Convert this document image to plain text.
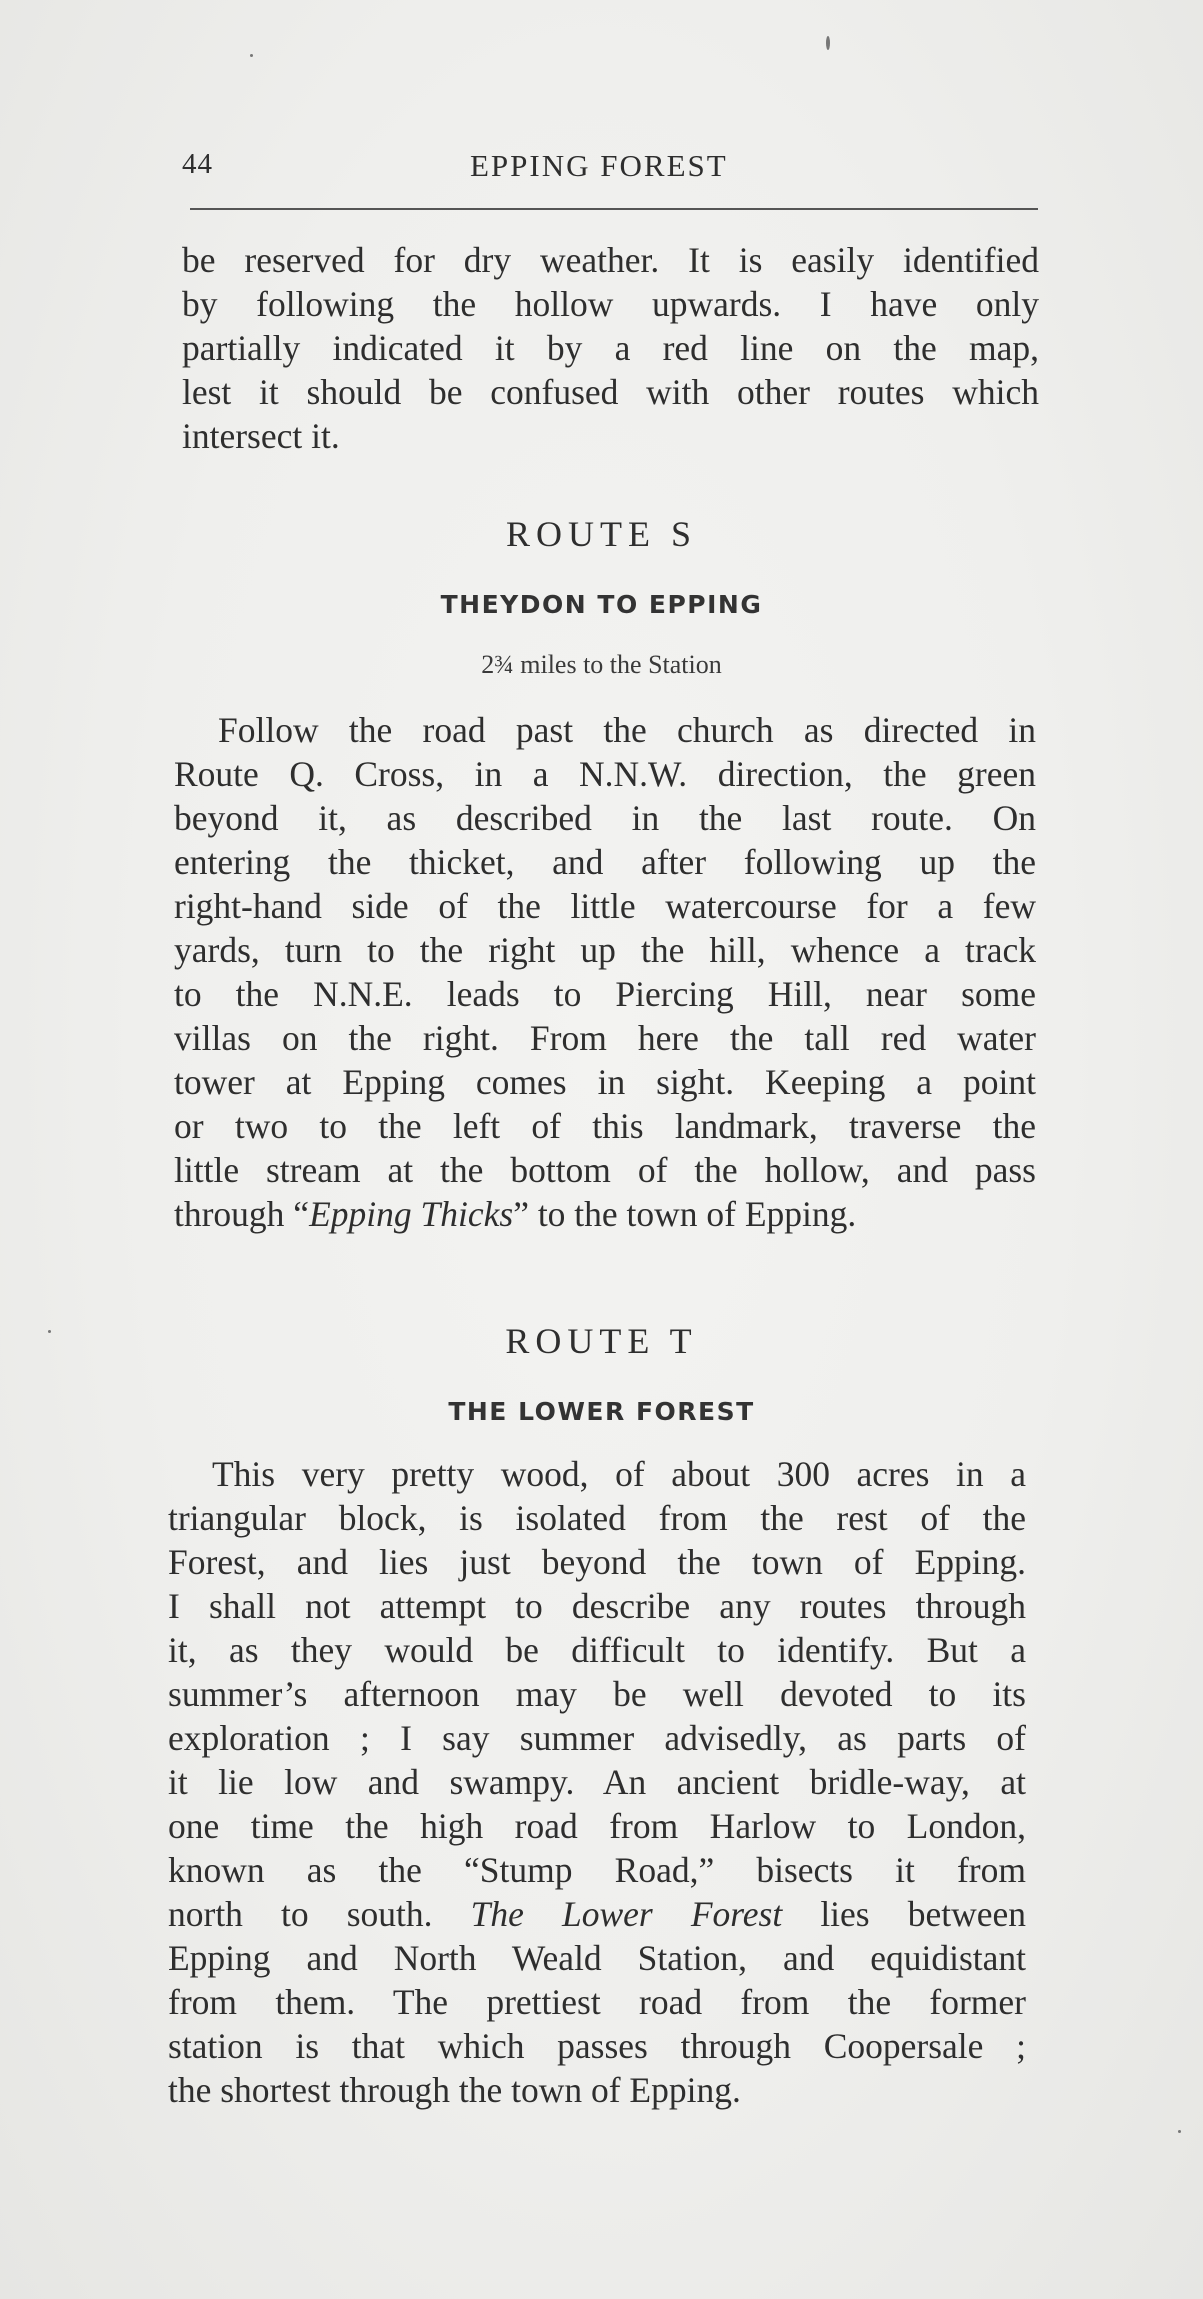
44	EPPING FOREST
be reserved for dry weather. It is easily identified
by following the hollow upwards. I have only
partially indicated it by a red line on the map,
lest it should be confused with other routes which
intersect it.
ROUTE S
THEYDON TO EPPING
2¾ miles to the Station
Follow the road past the church as directed in
Route Q. Cross, in a N.N.W. direction, the green
beyond it, as described in the last route. On
entering the thicket, and after following up the
right-hand side of the little watercourse for a few
yards, turn to the right up the hill, whence a track
to the N.N.E. leads to Piercing Hill, near some
villas on the right. From here the tall red water
tower at Epping comes in sight. Keeping a point
or two to the left of this landmark, traverse the
little stream at the bottom of the hollow, and pass
through “Epping Thicks” to the town of Epping.
ROUTE T
THE LOWER FOREST
This very pretty wood, of about 300 acres in a
triangular block, is isolated from the rest of the
Forest, and lies just beyond the town of Epping.
I shall not attempt to describe any routes through
it, as they would be difficult to identify. But a
summer’s afternoon may be well devoted to its
exploration ; I say summer advisedly, as parts of
it lie low and swampy. An ancient bridle-way, at
one time the high road from Harlow to London,
known as the “Stump Road,” bisects it from
north to south. The Lower Forest lies between
Epping and North Weald Station, and equidistant
from them. The prettiest road from the former
station is that which passes through Coopersale ;
the shortest through the town of Epping.
